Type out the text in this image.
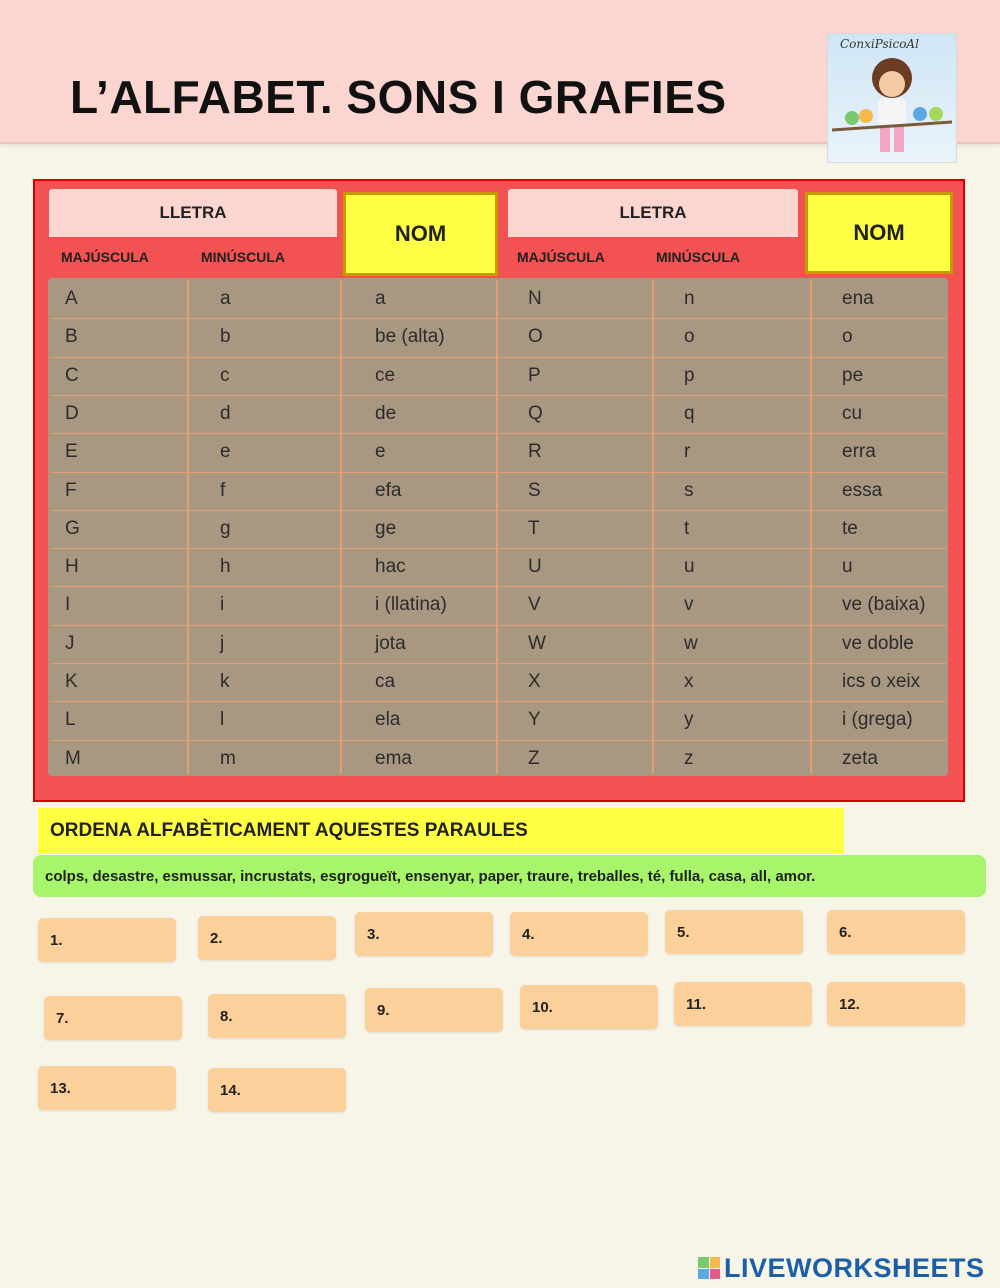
L’ALFABET. SONS I GRAFIES
ConxiPsicoAl
LLETRA
MAJÚSCULA	MINÚSCULA
NOM
LLETRA
MAJÚSCULA	MINÚSCULA
NOM
A	a	a
B	b	be (alta)
C	c	ce
D	d	de
E	e	e
F	f	efa
G	g	ge
H	h	hac
I	i	i (llatina)
J	j	jota
K	k	ca
L	l	ela
M	m	ema
N	n	ena
O	o	o
P	p	pe
Q	q	cu
R	r	erra
S	s	essa
T	t	te
U	u	u
V	v	ve (baixa)
W	w	ve doble
X	x	ics o xeix
Y	y	i (grega)
Z	z	zeta
ORDENA ALFABÈTICAMENT AQUESTES PARAULES
colps, desastre, esmussar, incrustats, esgrogueït, ensenyar, paper, traure, treballes, té, fulla, casa, all, amor.
1.	2.	3.	4.	5.	6.
7.	8.	9.	10.	11.	12.
13.	14.
LIVEWORKSHEETS
